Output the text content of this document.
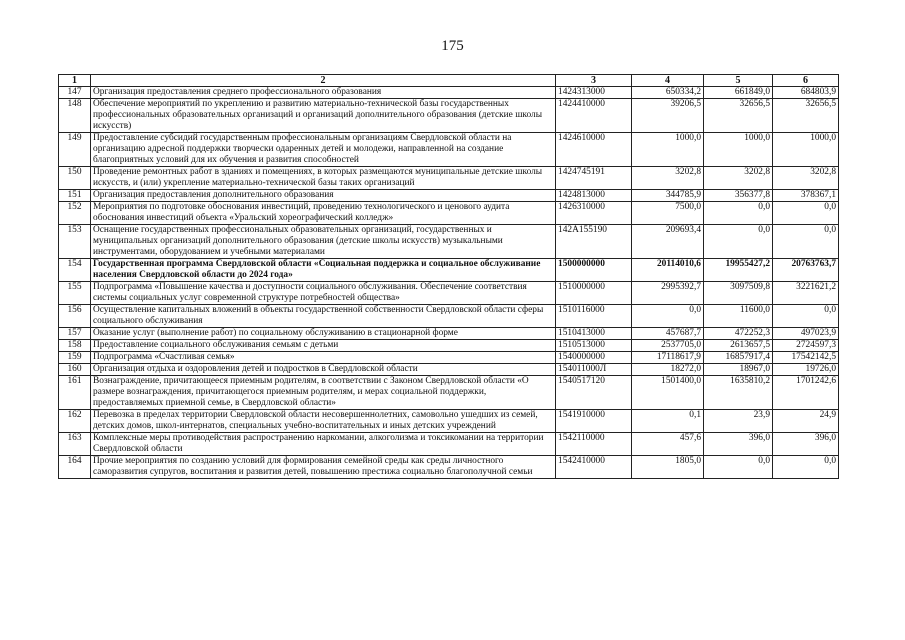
175
1	2	3	4	5	6
147	Организация предоставления среднего профессионального образования	1424313000	650334,2	661849,0	684803,9
148	Обеспечение мероприятий по укреплению и развитию материально-технической базы государственных профессиональных образовательных организаций и организаций дополнительного образования (детские школы искусств)	1424410000	39206,5	32656,5	32656,5
149	Предоставление субсидий государственным профессиональным организациям Свердловской области на организацию адресной поддержки творчески одаренных детей и молодежи, направленной на создание благоприятных условий для их обучения и развития способностей	1424610000	1000,0	1000,0	1000,0
150	Проведение ремонтных работ в зданиях и помещениях, в которых размещаются муниципальные детские школы искусств, и (или) укрепление материально-технической базы таких организаций	1424745191	3202,8	3202,8	3202,8
151	Организация предоставления дополнительного образования	1424813000	344785,9	356377,8	378367,1
152	Мероприятия по подготовке обоснования инвестиций, проведению технологического и ценового аудита обоснования инвестиций объекта «Уральский хореографический колледж»	1426310000	7500,0	0,0	0,0
153	Оснащение государственных профессиональных образовательных организаций, государственных и муниципальных организаций дополнительного образования (детские школы искусств) музыкальными инструментами, оборудованием и учебными материалами	142A155190	209693,4	0,0	0,0
154	Государственная программа Свердловской области «Социальная поддержка и социальное обслуживание населения Свердловской области до 2024 года»	1500000000	20114010,6	19955427,2	20763763,7
155	Подпрограмма «Повышение качества и доступности социального обслуживания. Обеспечение соответствия системы социальных услуг современной структуре потребностей общества»	1510000000	2995392,7	3097509,8	3221621,2
156	Осуществление капитальных вложений в объекты государственной собственности Свердловской области сферы социального обслуживания	1510116000	0,0	11600,0	0,0
157	Оказание услуг (выполнение работ) по социальному обслуживанию в стационарной форме	1510413000	457687,7	472252,3	497023,9
158	Предоставление социального обслуживания семьям с детьми	1510513000	2537705,0	2613657,5	2724597,3
159	Подпрограмма «Счастливая семья»	1540000000	17118617,9	16857917,4	17542142,5
160	Организация отдыха и оздоровления детей и подростков в Свердловской области	154011000Л	18272,0	18967,0	19726,0
161	Вознаграждение, причитающееся приемным родителям, в соответствии с Законом Свердловской области «О размере вознаграждения, причитающегося приемным родителям, и мерах социальной поддержки, предоставляемых приемной семье, в Свердловской области»	1540517120	1501400,0	1635810,2	1701242,6
162	Перевозка в пределах территории Свердловской области несовершеннолетних, самовольно ушедших из семей, детских домов, школ-интернатов, специальных учебно-воспитательных и иных детских учреждений	1541910000	0,1	23,9	24,9
163	Комплексные меры противодействия распространению наркомании, алкоголизма и токсикомании на территории Свердловской области	1542110000	457,6	396,0	396,0
164	Прочие мероприятия по созданию условий для формирования семейной среды как среды личностного саморазвития супругов, воспитания и развития детей, повышению престижа социально благополучной семьи	1542410000	1805,0	0,0	0,0
